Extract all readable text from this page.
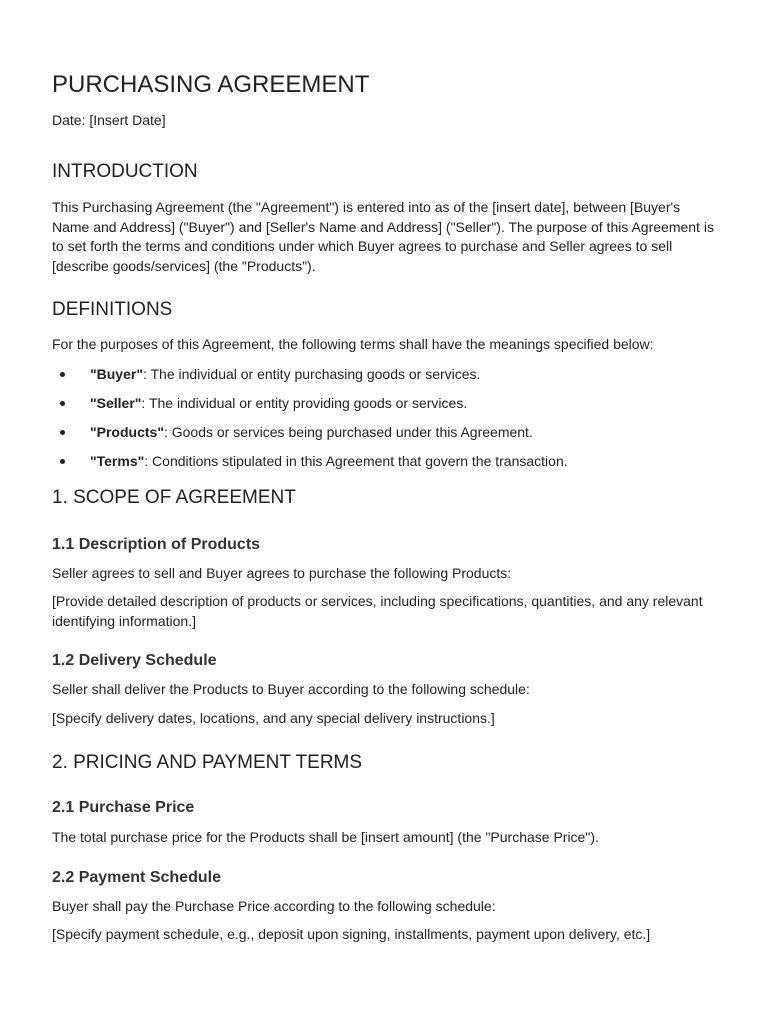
PURCHASING AGREEMENT

Date: [Insert Date]

INTRODUCTION

This Purchasing Agreement (the "Agreement") is entered into as of the [insert date], between [Buyer's Name and Address] ("Buyer") and [Seller's Name and Address] ("Seller"). The purpose of this Agreement is to set forth the terms and conditions under which Buyer agrees to purchase and Seller agrees to sell [describe goods/services] (the "Products").

DEFINITIONS

For the purposes of this Agreement, the following terms shall have the meanings specified below:

"Buyer": The individual or entity purchasing goods or services.
"Seller": The individual or entity providing goods or services.
"Products": Goods or services being purchased under this Agreement.
"Terms": Conditions stipulated in this Agreement that govern the transaction.
1. SCOPE OF AGREEMENT
1.1 Description of Products

Seller agrees to sell and Buyer agrees to purchase the following Products:

[Provide detailed description of products or services, including specifications, quantities, and any relevant identifying information.]

1.2 Delivery Schedule

Seller shall deliver the Products to Buyer according to the following schedule:

[Specify delivery dates, locations, and any special delivery instructions.]

2. PRICING AND PAYMENT TERMS
2.1 Purchase Price

The total purchase price for the Products shall be [insert amount] (the "Purchase Price").

2.2 Payment Schedule

Buyer shall pay the Purchase Price according to the following schedule:

[Specify payment schedule, e.g., deposit upon signing, installments, payment upon delivery, etc.]
